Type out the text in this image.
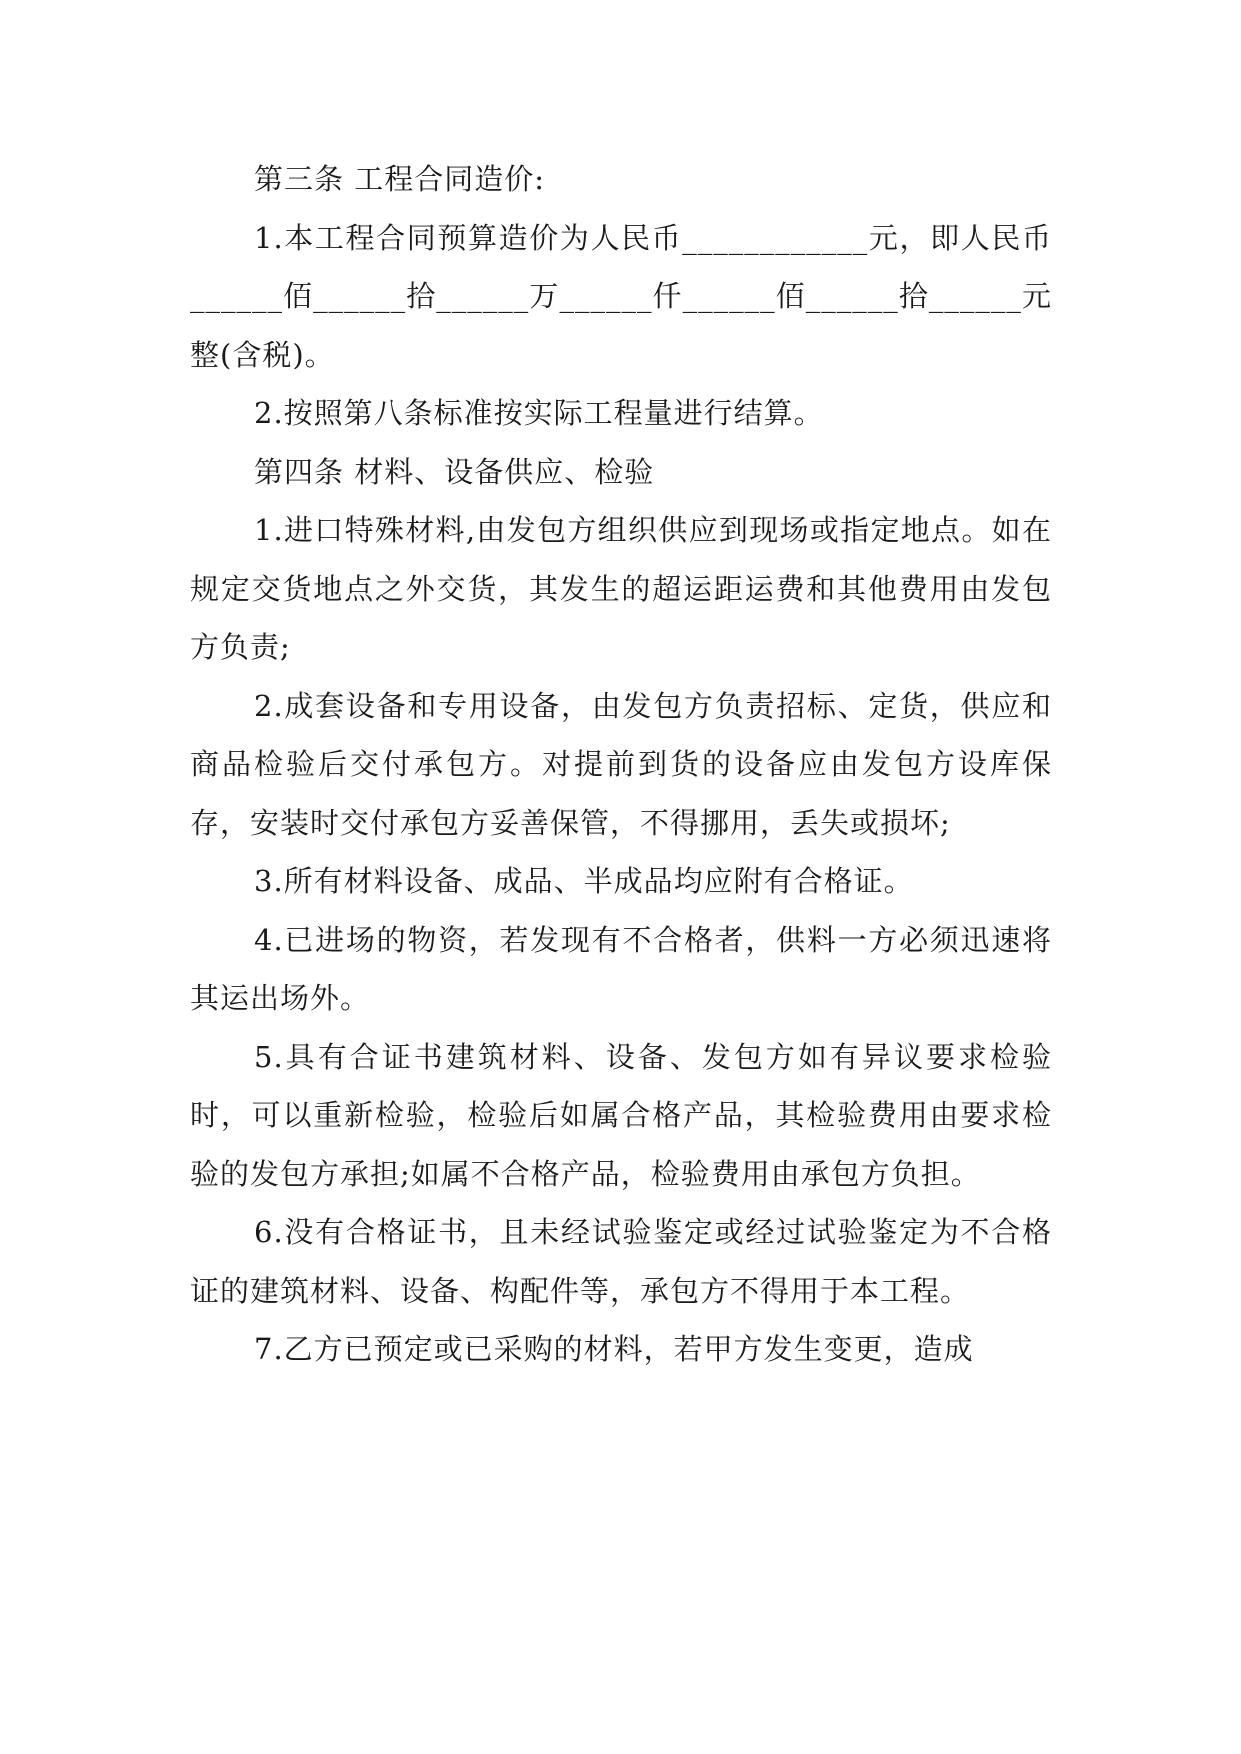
第三条 工程合同造价:

1.本工程合同预算造价为人民币____________元，即人民币______佰______拾______万______仟______佰______拾______元整(含税)。

2.按照第八条标准按实际工程量进行结算。

第四条 材料、设备供应、检验

1.进口特殊材料,由发包方组织供应到现场或指定地点。如在规定交货地点之外交货，其发生的超运距运费和其他费用由发包方负责;

2.成套设备和专用设备，由发包方负责招标、定货，供应和商品检验后交付承包方。对提前到货的设备应由发包方设库保存，安装时交付承包方妥善保管，不得挪用，丢失或损坏;

3.所有材料设备、成品、半成品均应附有合格证。

4.已进场的物资，若发现有不合格者，供料一方必须迅速将其运出场外。

5.具有合证书建筑材料、设备、发包方如有异议要求检验时，可以重新检验，检验后如属合格产品，其检验费用由要求检验的发包方承担;如属不合格产品，检验费用由承包方负担。

6.没有合格证书，且未经试验鉴定或经过试验鉴定为不合格证的建筑材料、设备、构配件等，承包方不得用于本工程。

7.乙方已预定或已采购的材料，若甲方发生变更，造成
